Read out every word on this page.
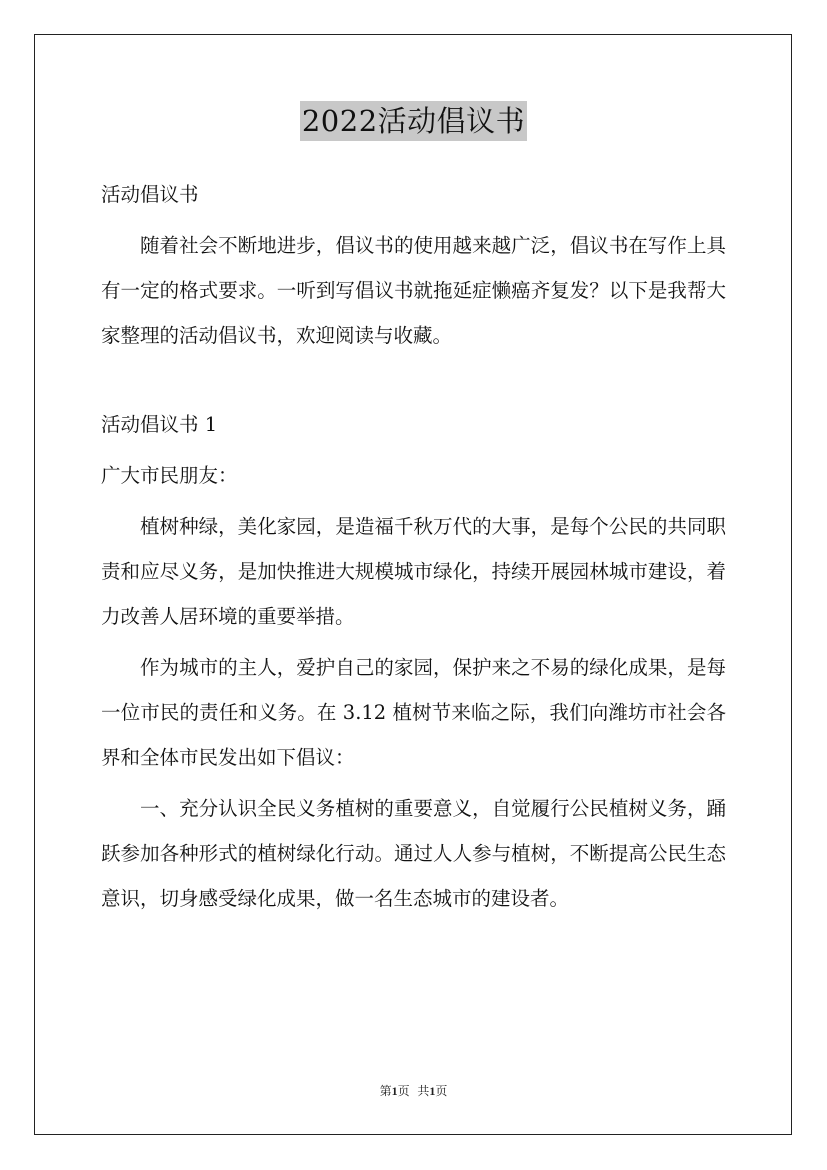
2022活动倡议书

活动倡议书

随着社会不断地进步，倡议书的使用越来越广泛，倡议书在写作上具有一定的格式要求。一听到写倡议书就拖延症懒癌齐复发？以下是我帮大家整理的活动倡议书，欢迎阅读与收藏。

活动倡议书 1

广大市民朋友：

植树种绿，美化家园，是造福千秋万代的大事，是每个公民的共同职责和应尽义务，是加快推进大规模城市绿化，持续开展园林城市建设，着力改善人居环境的重要举措。

作为城市的主人，爱护自己的家园，保护来之不易的绿化成果，是每一位市民的责任和义务。在 3.12 植树节来临之际，我们向潍坊市社会各界和全体市民发出如下倡议：

一、充分认识全民义务植树的重要意义，自觉履行公民植树义务，踊跃参加各种形式的植树绿化行动。通过人人参与植树，不断提高公民生态意识，切身感受绿化成果，做一名生态城市的建设者。

第1页 共1页
